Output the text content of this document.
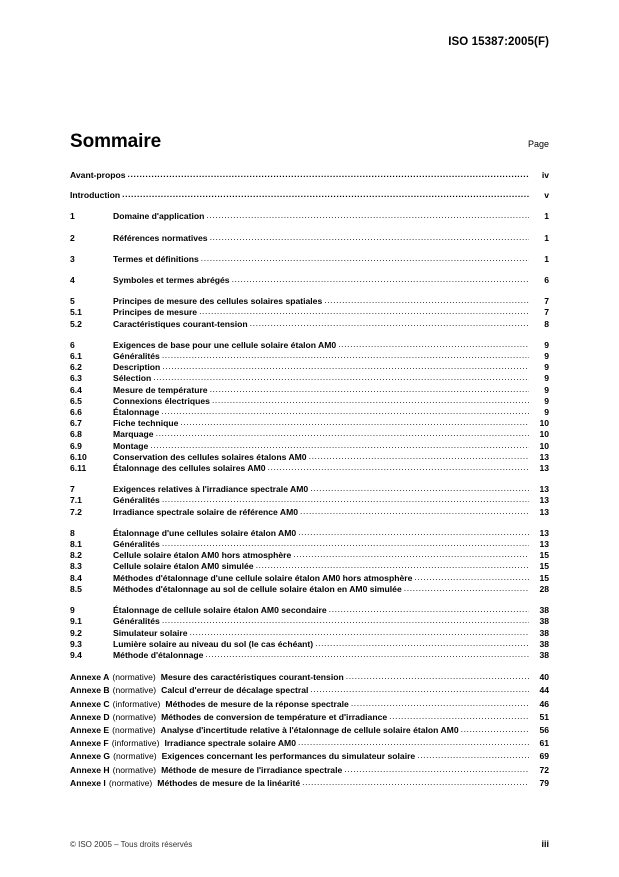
ISO 15387:2005(F)
Sommaire	Page
Avant-propos . . .	iv
Introduction . . .	v
1	Domaine d'application . . .	1
2	Références normatives . . .	1
3	Termes et définitions . . .	1
4	Symboles et termes abrégés . . .	6
5	Principes de mesure des cellules solaires spatiales . . .	7
5.1	Principes de mesure . . .	7
5.2	Caractéristiques courant-tension . . .	8
6	Exigences de base pour une cellule solaire étalon AM0 . . .	9
6.1	Généralités . . .	9
6.2	Description . . .	9
6.3	Sélection . . .	9
6.4	Mesure de température . . .	9
6.5	Connexions électriques . . .	9
6.6	Étalonnage . . .	9
6.7	Fiche technique . . .	10
6.8	Marquage . . .	10
6.9	Montage . . .	10
6.10	Conservation des cellules solaires étalons AM0 . . .	13
6.11	Étalonnage des cellules solaires AM0 . . .	13
7	Exigences relatives à l'irradiance spectrale AM0 . . .	13
7.1	Généralités . . .	13
7.2	Irradiance spectrale solaire de référence AM0 . . .	13
8	Étalonnage d'une cellules solaire étalon AM0 . . .	13
8.1	Généralités . . .	13
8.2	Cellule solaire étalon AM0 hors atmosphère . . .	15
8.3	Cellule solaire étalon AM0 simulée . . .	15
8.4	Méthodes d'étalonnage d'une cellule solaire étalon AM0 hors atmosphère . . .	15
8.5	Méthodes d'étalonnage au sol de cellule solaire étalon en AM0 simulée . . .	28
9	Étalonnage de cellule solaire étalon AM0 secondaire . . .	38
9.1	Généralités . . .	38
9.2	Simulateur solaire . . .	38
9.3	Lumière solaire au niveau du sol (le cas échéant) . . .	38
9.4	Méthode d'étalonnage . . .	38
Annexe A (normative) Mesure des caractéristiques courant-tension . . .	40
Annexe B (normative) Calcul d'erreur de décalage spectral . . .	44
Annexe C (informative) Méthodes de mesure de la réponse spectrale . . .	46
Annexe D (normative) Méthodes de conversion de température et d'irradiance . . .	51
Annexe E (normative) Analyse d'incertitude relative à l'étalonnage de cellule solaire étalon AM0 . . .	56
Annexe F (informative) Irradiance spectrale solaire AM0 . . .	61
Annexe G (normative) Exigences concernant les performances du simulateur solaire . . .	69
Annexe H (normative) Méthode de mesure de l'irradiance spectrale . . .	72
Annexe I (normative) Méthodes de mesure de la linéarité . . .	79
© ISO 2005 – Tous droits réservés	iii
